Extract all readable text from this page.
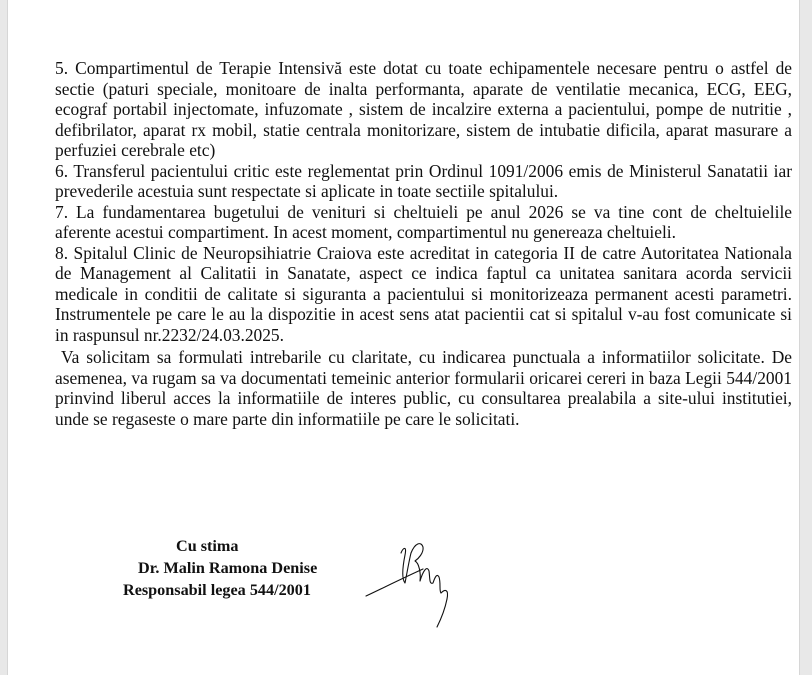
5. Compartimentul de Terapie Intensivă este dotat cu toate echipamentele necesare pentru o astfel de sectie (paturi speciale, monitoare de inalta performanta, aparate de ventilatie mecanica, ECG, EEG, ecograf portabil injectomate, infuzomate , sistem de incalzire externa a pacientului, pompe de nutritie , defibrilator, aparat rx mobil, statie centrala monitorizare, sistem de intubatie dificila, aparat masurare a perfuziei cerebrale etc)

6. Transferul pacientului critic este reglementat prin Ordinul 1091/2006 emis de Ministerul Sanatatii iar prevederile acestuia sunt respectate si aplicate in toate sectiile spitalului.

7. La fundamentarea bugetului de venituri si cheltuieli pe anul 2026 se va tine cont de cheltuielile aferente acestui compartiment. In acest moment, compartimentul nu genereaza cheltuieli.

8. Spitalul Clinic de Neuropsihiatrie Craiova este acreditat in categoria II de catre Autoritatea Nationala de Management al Calitatii in Sanatate, aspect ce indica faptul ca unitatea sanitara acorda servicii medicale in conditii de calitate si siguranta a pacientului si monitorizeaza permanent acesti parametri. Instrumentele pe care le au la dispozitie in acest sens atat pacientii cat si spitalul v-au fost comunicate si in raspunsul nr.2232/24.03.2025.

Va solicitam sa formulati intrebarile cu claritate, cu indicarea punctuala a informatiilor solicitate. De asemenea, va rugam sa va documentati temeinic anterior formularii oricarei cereri in baza Legii 544/2001 prinvind liberul acces la informatiile de interes public, cu consultarea prealabila a site-ului institutiei, unde se regaseste o mare parte din informatiile pe care le solicitati.

Cu stima
Dr. Malin Ramona Denise
Responsabil legea 544/2001
